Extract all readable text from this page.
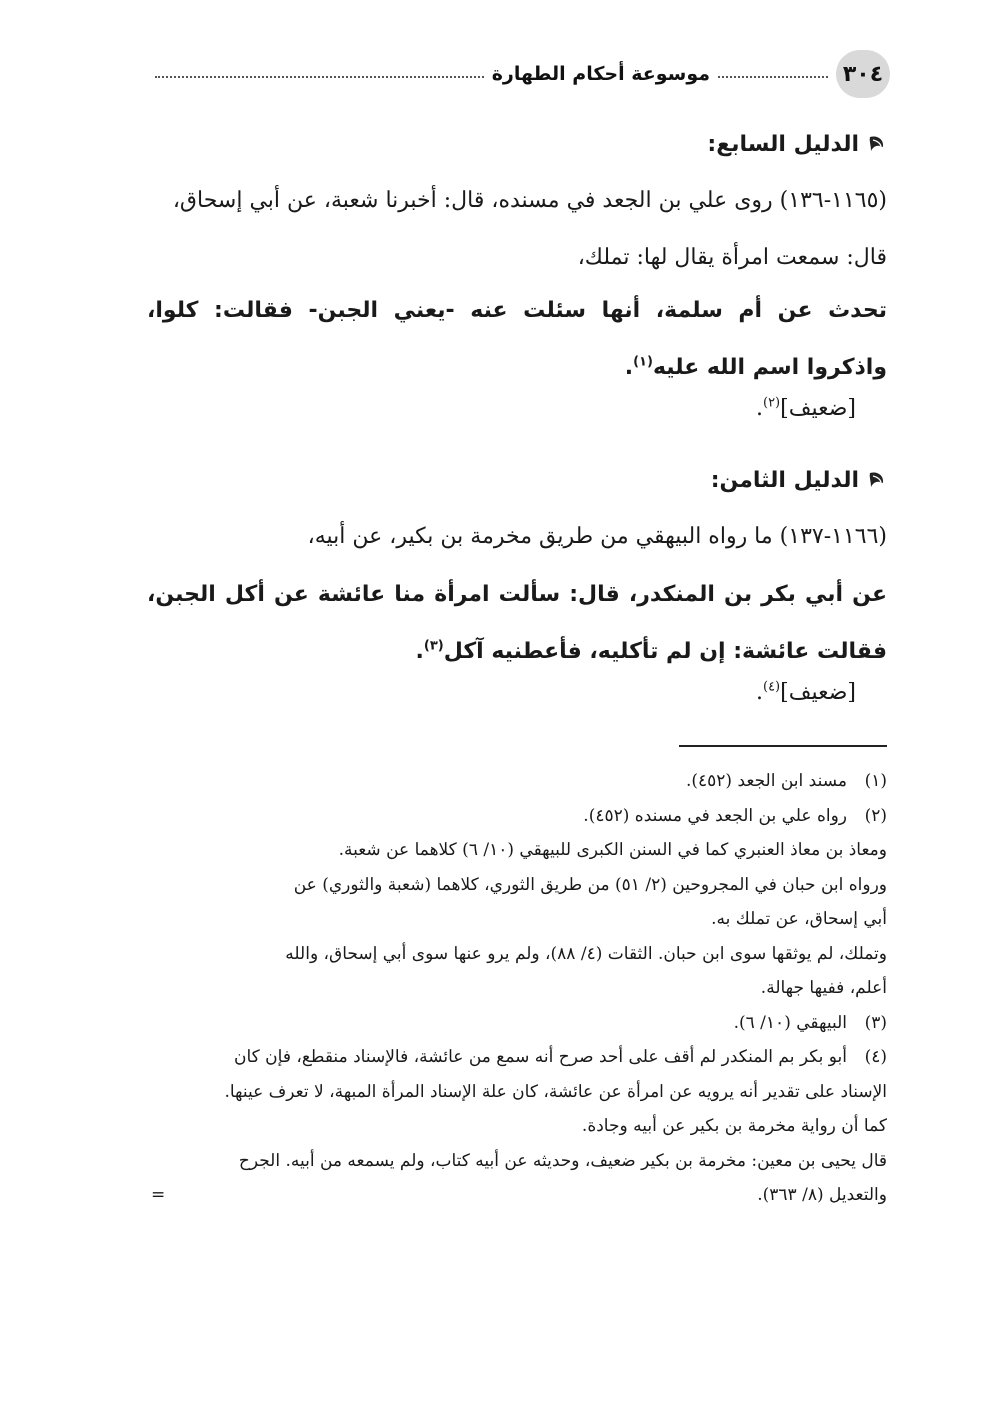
٣٠٤
موسوعة أحكام الطهارة
الدليل السابع:
(١١٦٥-١٣٦) روى علي بن الجعد في مسنده، قال: أخبرنا شعبة، عن أبي إسحاق،
قال: سمعت امرأة يقال لها: تملك،
تحدث عن أم سلمة، أنها سئلت عنه -يعني الجبن- فقالت: كلوا، واذكروا اسم الله عليه$^{(١)}$.
[ضعيف]$^{(٢)}$.
الدليل الثامن:
(١١٦٦-١٣٧) ما رواه البيهقي من طريق مخرمة بن بكير، عن أبيه،
عن أبي بكر بن المنكدر، قال: سألت امرأة منا عائشة عن أكل الجبن، فقالت عائشة: إن لم تأكليه، فأعطنيه آكل$^{(٣)}$.
[ضعيف]$^{(٤)}$.
(١)
مسند ابن الجعد (٤٥٢).
(٢)
رواه علي بن الجعد في مسنده (٤٥٢).
ومعاذ بن معاذ العنبري كما في السنن الكبرى للبيهقي (١٠/ ٦) كلاهما عن شعبة.
ورواه ابن حبان في المجروحين (٢/ ٥١) من طريق الثوري، كلاهما (شعبة والثوري) عن
أبي إسحاق، عن تملك به.
وتملك، لم يوثقها سوى ابن حبان. الثقات (٤/ ٨٨)، ولم يرو عنها سوى أبي إسحاق، والله
أعلم، ففيها جهالة.
(٣)
البيهقي (١٠/ ٦).
(٤)
أبو بكر بم المنكدر لم أقف على أحد صرح أنه سمع من عائشة، فالإسناد منقطع، فإن كان
الإسناد على تقدير أنه يرويه عن امرأة عن عائشة، كان علة الإسناد المرأة المبهة، لا تعرف عينها.
كما أن رواية مخرمة بن بكير عن أبيه وجادة.
قال يحيى بن معين: مخرمة بن بكير ضعيف، وحديثه عن أبيه كتاب، ولم يسمعه من أبيه. الجرح
والتعديل (٨/ ٣٦٣).
=
